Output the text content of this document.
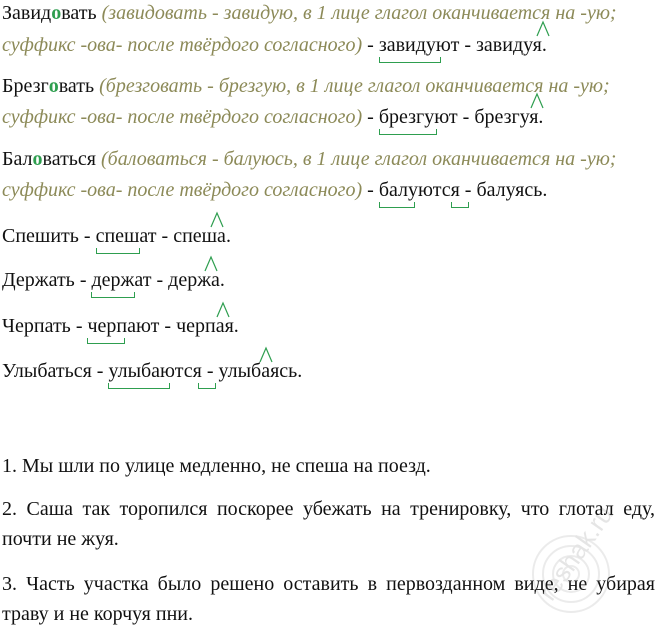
Завидовать (завидовать - завидую, в 1 лице глагол оканчивается на -ую;
суффикс -ова- после твёрдого согласного) - завидуют - завидуя.
Брезговать (брезговать - брезгую, в 1 лице глагол оканчивается на -ую;
суффикс -ова- после твёрдого согласного) - брезгуют - брезгуя.
Баловаться (баловаться - балуюсь, в 1 лице глагол оканчивается на -ую;
суффикс -ова- после твёрдого согласного) - балуются - балуясь.
Спешить - спешат - спеша.
Держать - держат - держа.
Черпать - черпают - черпая.
Улыбаться - улыбаются - улыбаясь.
1. Мы шли по улице медленно, не спеша на поезд.
2. Саша так торопился поскорее убежать на тренировку, что глотал еду, почти не жуя.
3. Часть участка было решено оставить в первозданном виде, не убирая траву и не корчуя пни.
reshak.ru
